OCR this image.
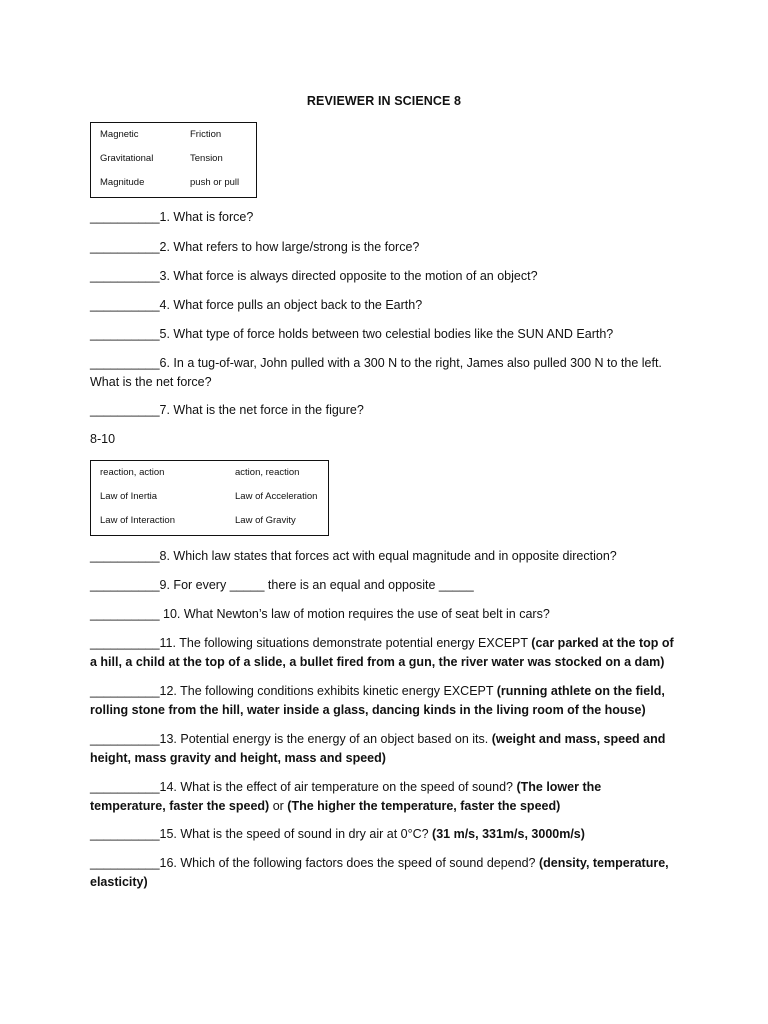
REVIEWER IN SCIENCE 8
Magnetic
Gravitational
Magnitude
Friction
Tension
push or pull
__________1. What is force?
__________2. What refers to how large/strong is the force?
__________3. What force is always directed opposite to the motion of an object?
__________4. What force pulls an object back to the Earth?
__________5. What type of force holds between two celestial bodies like the SUN AND Earth?
__________6. In a tug-of-war, John pulled with a 300 N to the right, James also pulled 300 N to the left. What is the net force?
__________7. What is the net force in the figure?
8-10
reaction, action
Law of Inertia
Law of Interaction
action, reaction
Law of Acceleration
Law of Gravity
__________8. Which law states that forces act with equal magnitude and in opposite direction?
__________9. For every _____ there is an equal and opposite _____
__________ 10. What Newton’s law of motion requires the use of seat belt in cars?
__________11. The following situations demonstrate potential energy EXCEPT (car parked at the top of a hill, a child at the top of a slide, a bullet fired from a gun, the river water was stocked on a dam)
__________12. The following conditions exhibits kinetic energy EXCEPT (running athlete on the field, rolling stone from the hill, water inside a glass, dancing kinds in the living room of the house)
__________13. Potential energy is the energy of an object based on its. (weight and mass, speed and height, mass gravity and height, mass and speed)
__________14. What is the effect of air temperature on the speed of sound? (The lower the temperature, faster the speed) or (The higher the temperature, faster the speed)
__________15. What is the speed of sound in dry air at 0°C? (31 m/s, 331m/s, 3000m/s)
__________16. Which of the following factors does the speed of sound depend? (density, temperature, elasticity)
